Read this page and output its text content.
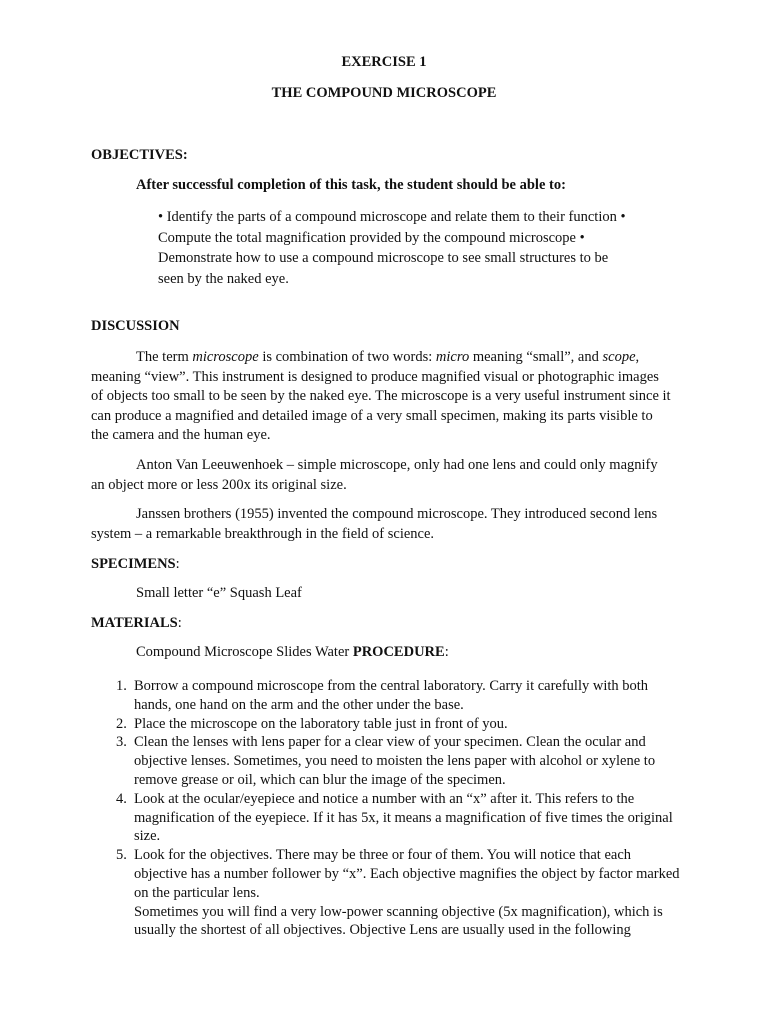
EXERCISE 1
THE COMPOUND MICROSCOPE
OBJECTIVES:
After successful completion of this task, the student should be able to:
• Identify the parts of a compound microscope and relate them to their function •
Compute the total magnification provided by the compound microscope •
Demonstrate how to use a compound microscope to see small structures to be
seen by the naked eye.
DISCUSSION
The term microscope is combination of two words: micro meaning “small”, and scope, meaning “view”. This instrument is designed to produce magnified visual or photographic images of objects too small to be seen by the naked eye. The microscope is a very useful instrument since it can produce a magnified and detailed image of a very small specimen, making its parts visible to the camera and the human eye.
Anton Van Leeuwenhoek – simple microscope, only had one lens and could only magnify an object more or less 200x its original size.
Janssen brothers (1955) invented the compound microscope. They introduced second lens system – a remarkable breakthrough in the field of science.
SPECIMENS:
Small letter “e” Squash Leaf
MATERIALS:
Compound Microscope Slides Water PROCEDURE:
1. Borrow a compound microscope from the central laboratory. Carry it carefully with both hands, one hand on the arm and the other under the base.
2. Place the microscope on the laboratory table just in front of you.
3. Clean the lenses with lens paper for a clear view of your specimen. Clean the ocular and objective lenses. Sometimes, you need to moisten the lens paper with alcohol or xylene to remove grease or oil, which can blur the image of the specimen.
4. Look at the ocular/eyepiece and notice a number with an “x” after it. This refers to the magnification of the eyepiece. If it has 5x, it means a magnification of five times the original size.
5. Look for the objectives. There may be three or four of them. You will notice that each objective has a number follower by “x”. Each objective magnifies the object by factor marked on the particular lens.
Sometimes you will find a very low-power scanning objective (5x magnification), which is usually the shortest of all objectives. Objective Lens are usually used in the following
